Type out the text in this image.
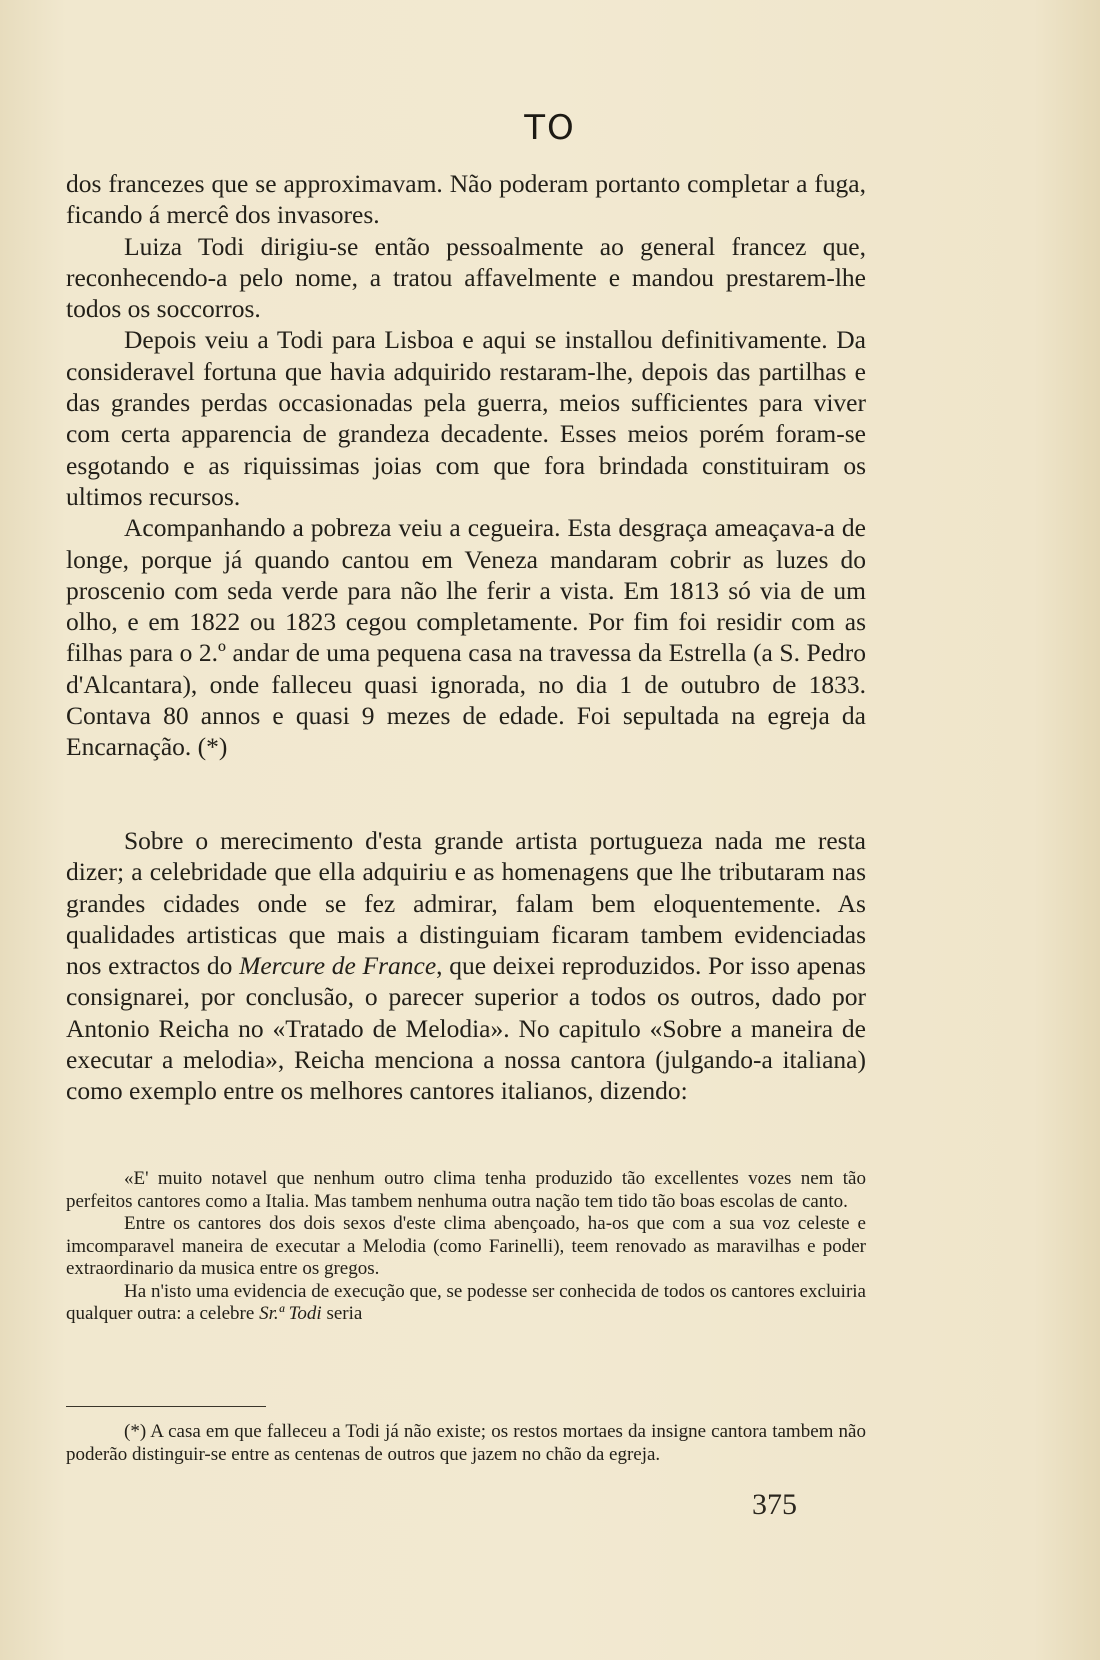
TO

dos francezes que se approximavam. Não poderam portanto completar a fuga, ficando á mercê dos invasores.

Luiza Todi dirigiu-se então pessoalmente ao general francez que, reconhecendo-a pelo nome, a tratou affavelmente e mandou prestarem-lhe todos os soccorros.

Depois veiu a Todi para Lisboa e aqui se installou definitivamente. Da consideravel fortuna que havia adquirido restaram-lhe, depois das partilhas e das grandes perdas occasionadas pela guerra, meios sufficientes para viver com certa apparencia de grandeza decadente. Esses meios porém foram-se esgotando e as riquissimas joias com que fora brindada constituiram os ultimos recursos.

Acompanhando a pobreza veiu a cegueira. Esta desgraça ameaçava-a de longe, porque já quando cantou em Veneza mandaram cobrir as luzes do proscenio com seda verde para não lhe ferir a vista. Em 1813 só via de um olho, e em 1822 ou 1823 cegou completamente. Por fim foi residir com as filhas para o 2.º andar de uma pequena casa na travessa da Estrella (a S. Pedro d'Alcantara), onde falleceu quasi ignorada, no dia 1 de outubro de 1833. Contava 80 annos e quasi 9 mezes de edade. Foi sepultada na egreja da Encarnação. (*)

Sobre o merecimento d'esta grande artista portugueza nada me resta dizer; a celebridade que ella adquiriu e as homenagens que lhe tributaram nas grandes cidades onde se fez admirar, falam bem eloquentemente. As qualidades artisticas que mais a distinguiam ficaram tambem evidenciadas nos extractos do Mercure de France, que deixei reproduzidos. Por isso apenas consignarei, por conclusão, o parecer superior a todos os outros, dado por Antonio Reicha no «Tratado de Melodia». No capitulo «Sobre a maneira de executar a melodia», Reicha menciona a nossa cantora (julgando-a italiana) como exemplo entre os melhores cantores italianos, dizendo:

«E' muito notavel que nenhum outro clima tenha produzido tão excellentes vozes nem tão perfeitos cantores como a Italia. Mas tambem nenhuma outra nação tem tido tão boas escolas de canto.

Entre os cantores dos dois sexos d'este clima abençoado, ha-os que com a sua voz celeste e imcomparavel maneira de executar a Melodia (como Farinelli), teem renovado as maravilhas e poder extraordinario da musica entre os gregos.

Ha n'isto uma evidencia de execução que, se podesse ser conhecida de todos os cantores excluiria qualquer outra: a celebre Sr.ª Todi seria

(*) A casa em que falleceu a Todi já não existe; os restos mortaes da insigne cantora tambem não poderão distinguir-se entre as centenas de outros que jazem no chão da egreja.

375
